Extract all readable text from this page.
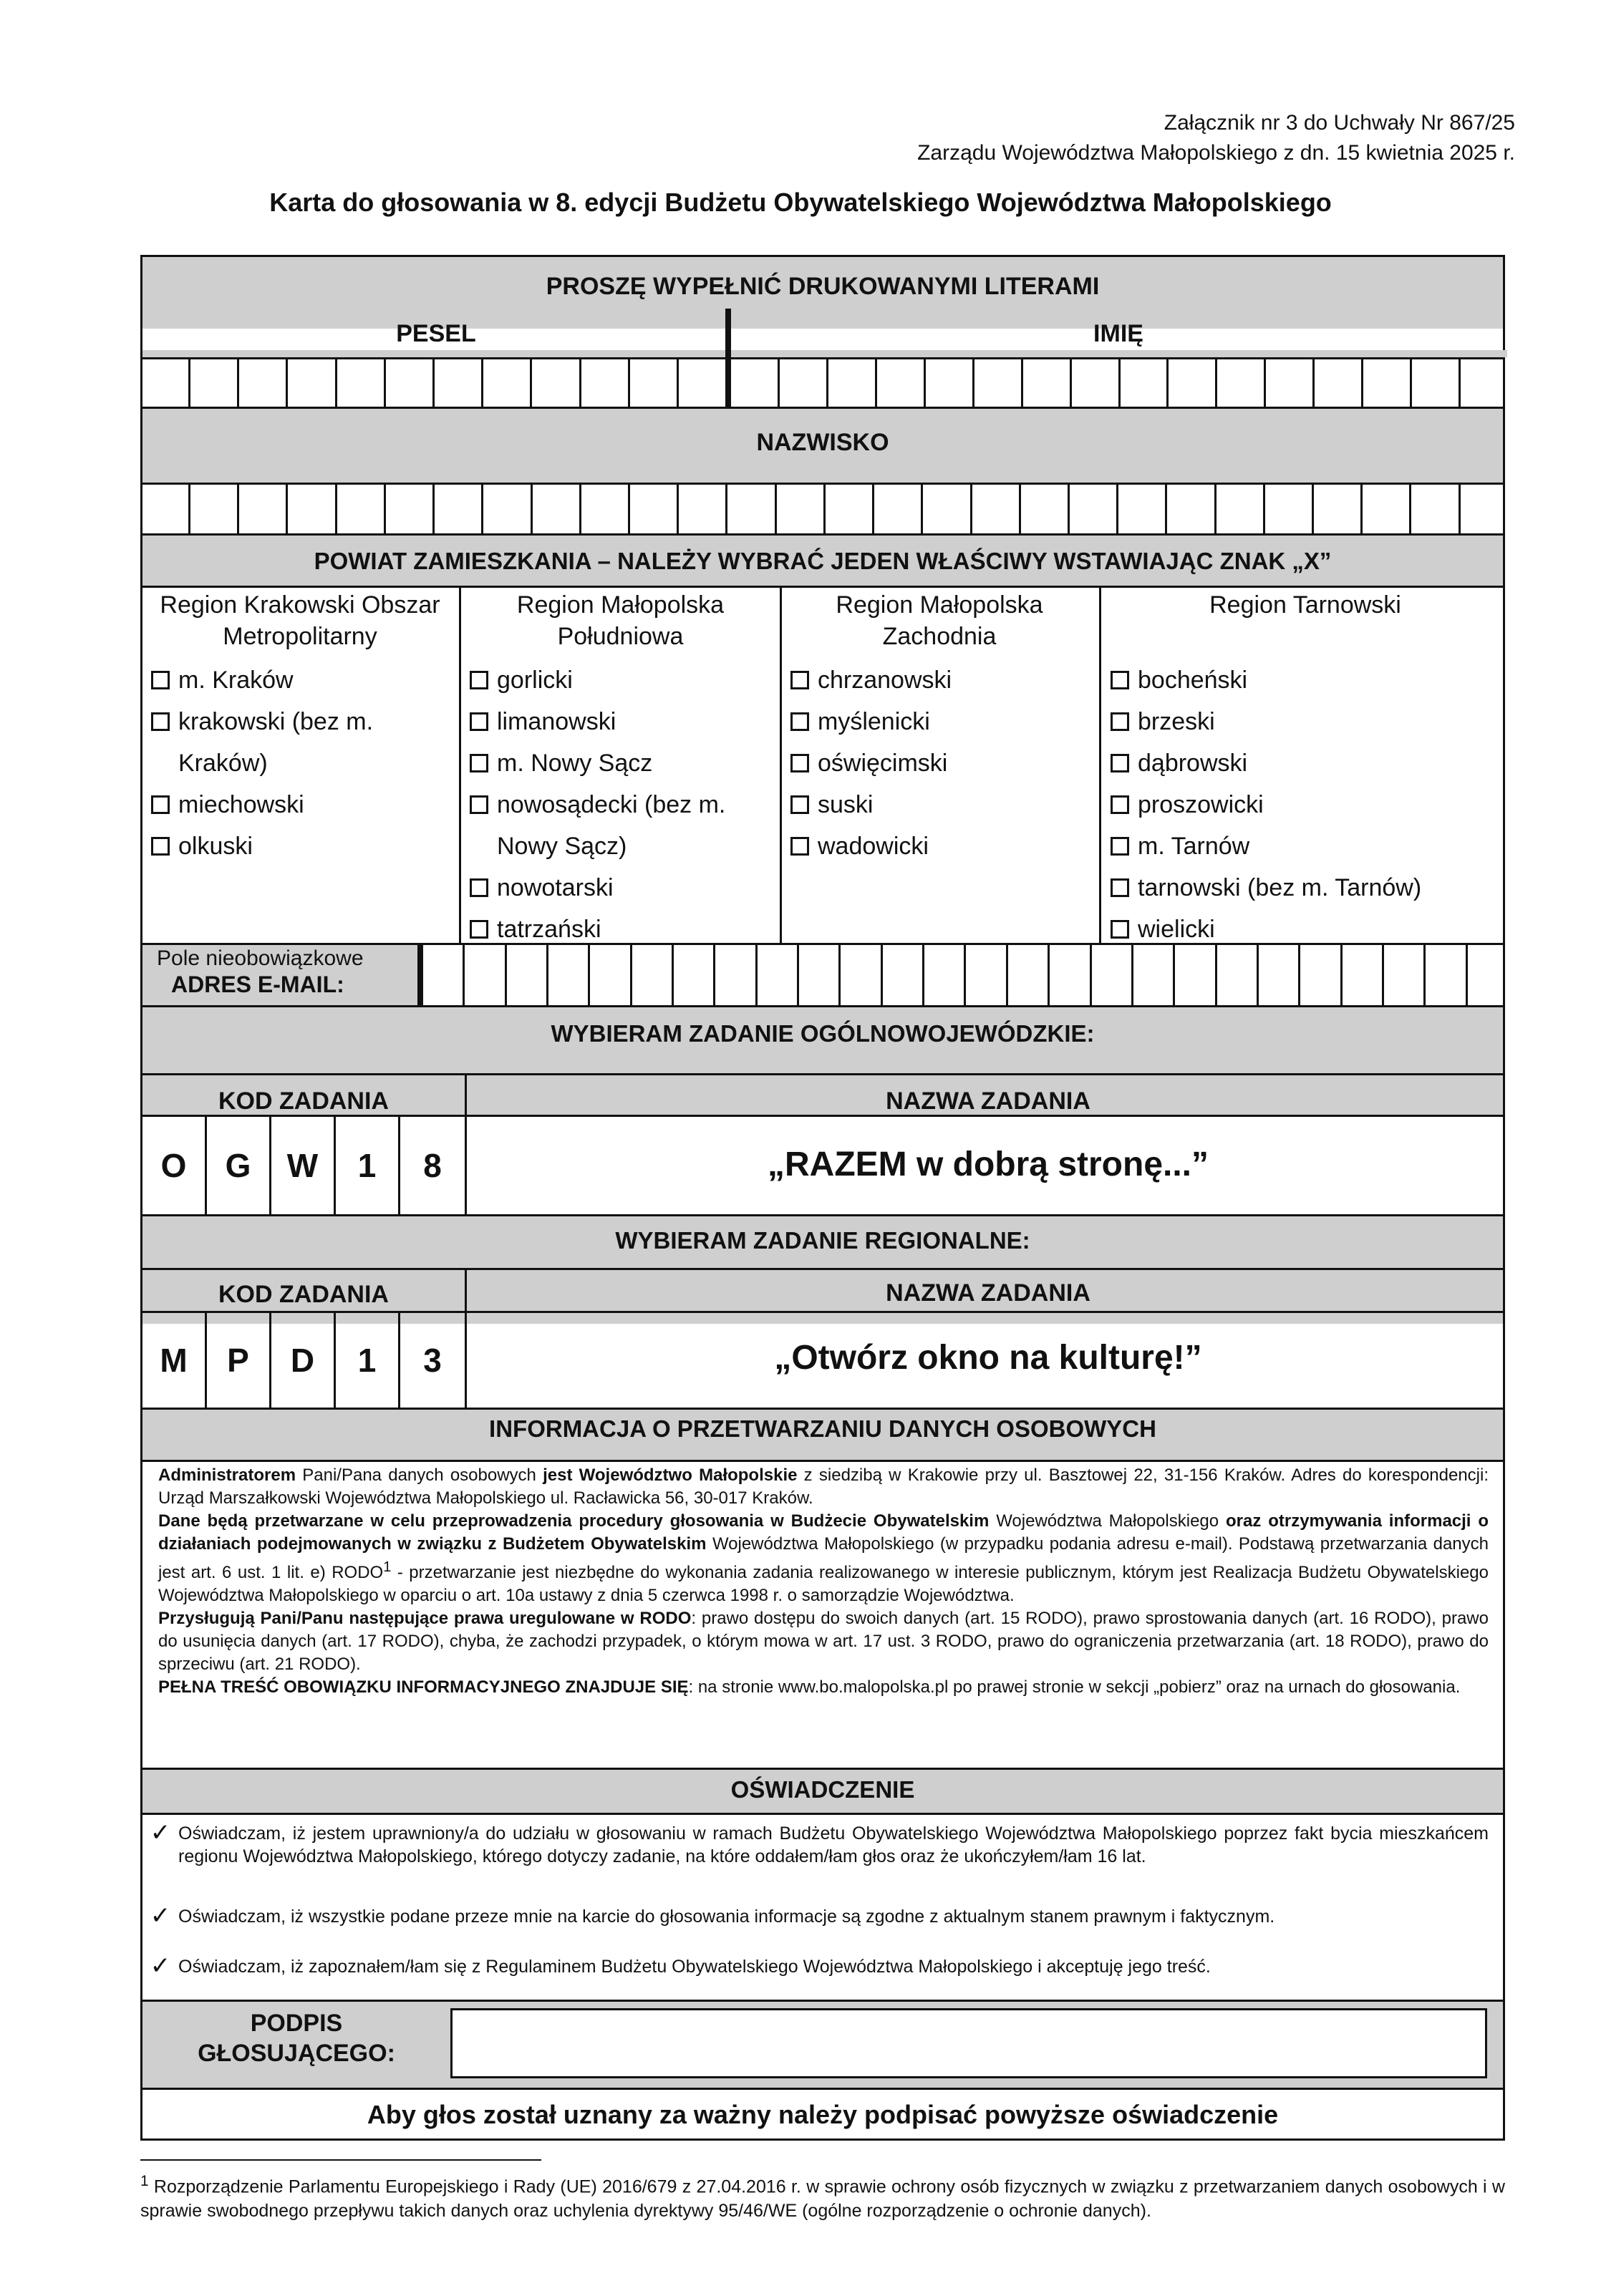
Załącznik nr 3 do Uchwały Nr 867/25
Zarządu Województwa Małopolskiego z dn. 15 kwietnia 2025 r.
Karta do głosowania w 8. edycji Budżetu Obywatelskiego Województwa Małopolskiego
PROSZĘ WYPEŁNIĆ DRUKOWANYMI LITERAMI
PESEL	IMIĘ
NAZWISKO
POWIAT ZAMIESZKANIA – NALEŻY WYBRAĆ JEDEN WŁAŚCIWY WSTAWIAJĄC ZNAK „X”
Region Krakowski Obszar Metropolitarny
m. Kraków
krakowski (bez m. Kraków)
miechowski
olkuski
Region Małopolska Południowa
gorlicki
limanowski
m. Nowy Sącz
nowosądecki (bez m. Nowy Sącz)
nowotarski
tatrzański
Region Małopolska Zachodnia
chrzanowski
myślenicki
oświęcimski
suski
wadowicki
Region Tarnowski
bocheński
brzeski
dąbrowski
proszowicki
m. Tarnów
tarnowski (bez m. Tarnów)
wielicki
Pole nieobowiązkowe
ADRES E-MAIL:
WYBIERAM ZADANIE OGÓLNOWOJEWÓDZKIE:
KOD ZADANIA	NAZWA ZADANIA
O	G	W	1	8	„RAZEM w dobrą stronę...”
WYBIERAM ZADANIE REGIONALNE:
KOD ZADANIA	NAZWA ZADANIA
M	P	D	1	3	„Otwórz okno na kulturę!”
INFORMACJA O PRZETWARZANIU DANYCH OSOBOWYCH

Administratorem Pani/Pana danych osobowych jest Województwo Małopolskie z siedzibą w Krakowie przy ul. Basztowej 22, 31-156 Kraków. Adres do korespondencji: Urząd Marszałkowski Województwa Małopolskiego ul. Racławicka 56, 30-017 Kraków.

Dane będą przetwarzane w celu przeprowadzenia procedury głosowania w Budżecie Obywatelskim Województwa Małopolskiego oraz otrzymywania informacji o działaniach podejmowanych w związku z Budżetem Obywatelskim Województwa Małopolskiego (w przypadku podania adresu e-mail). Podstawą przetwarzania danych jest art. 6 ust. 1 lit. e) RODO$^1$ - przetwarzanie jest niezbędne do wykonania zadania realizowanego w interesie publicznym, którym jest Realizacja Budżetu Obywatelskiego Województwa Małopolskiego w oparciu o art. 10a ustawy z dnia 5 czerwca 1998 r. o samorządzie Województwa.

Przysługują Pani/Panu następujące prawa uregulowane w RODO: prawo dostępu do swoich danych (art. 15 RODO), prawo sprostowania danych (art. 16 RODO), prawo do usunięcia danych (art. 17 RODO), chyba, że zachodzi przypadek, o którym mowa w art. 17 ust. 3 RODO, prawo do ograniczenia przetwarzania (art. 18 RODO), prawo do sprzeciwu (art. 21 RODO).

PEŁNA TREŚĆ OBOWIĄZKU INFORMACYJNEGO ZNAJDUJE SIĘ: na stronie www.bo.malopolska.pl po prawej stronie w sekcji „pobierz” oraz na urnach do głosowania.

OŚWIADCZENIE
✓ Oświadczam, iż jestem uprawniony/a do udziału w głosowaniu w ramach Budżetu Obywatelskiego Województwa Małopolskiego poprzez fakt bycia mieszkańcem regionu Województwa Małopolskiego, którego dotyczy zadanie, na które oddałem/łam głos oraz że ukończyłem/łam 16 lat.
✓ Oświadczam, iż wszystkie podane przeze mnie na karcie do głosowania informacje są zgodne z aktualnym stanem prawnym i faktycznym.
✓ Oświadczam, iż zapoznałem/łam się z Regulaminem Budżetu Obywatelskiego Województwa Małopolskiego i akceptuję jego treść.
PODPIS
GŁOSUJĄCEGO:
Aby głos został uznany za ważny należy podpisać powyższe oświadczenie
$^1$ Rozporządzenie Parlamentu Europejskiego i Rady (UE) 2016/679 z 27.04.2016 r. w sprawie ochrony osób fizycznych w związku z przetwarzaniem danych osobowych i w sprawie swobodnego przepływu takich danych oraz uchylenia dyrektywy 95/46/WE (ogólne rozporządzenie o ochronie danych).
